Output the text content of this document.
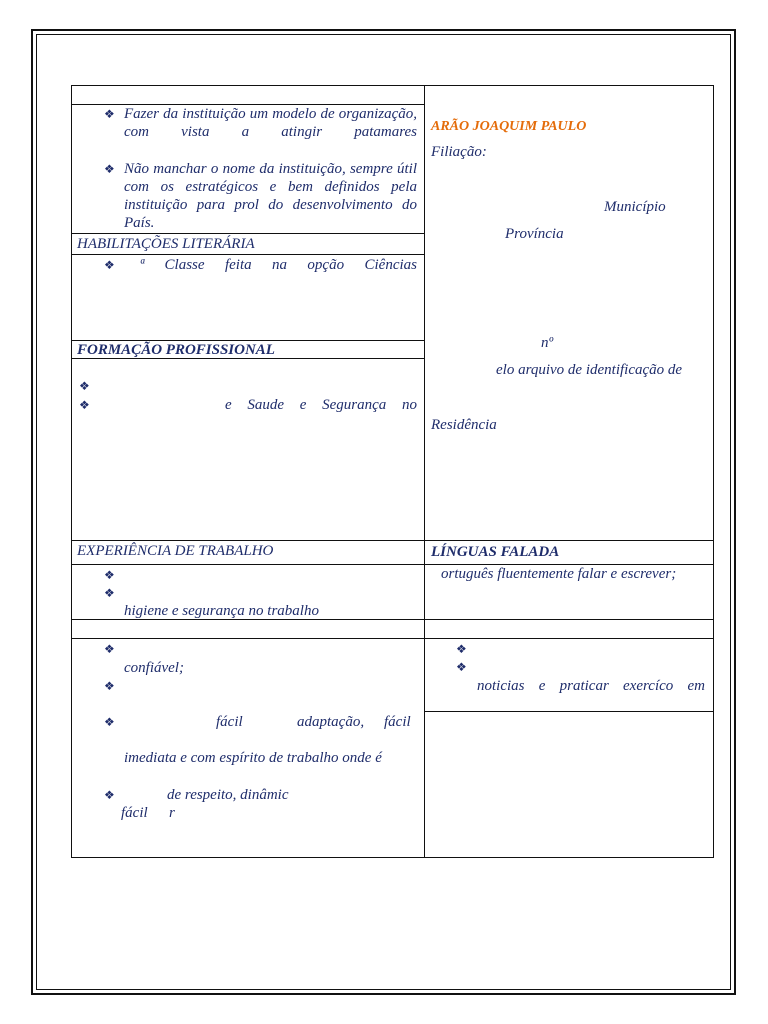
❖ Fazer da instituição um modelo de organização, com vista a atingir patamares
❖ Não manchar o nome da instituição, sempre útil com os estratégicos e bem definidos pela instituição para prol do desenvolvimento do País.
HABILITAÇÕES LITERÁRIA
❖ ª Classe feita na opção Ciências
FORMAÇÃO PROFISSIONAL
❖
❖	e Saude e Segurança no
EXPERIÊNCIA DE TRABALHO
❖
❖
higiene e segurança no trabalho
❖
confiável;
❖
❖	fácil	adaptação, fácil
imediata e com espírito de trabalho onde é
❖	de respeito, dinâmic
fácil r
ARÃO JOAQUIM PAULO
Filiação:
Município
Província
nº
elo arquivo de identificação de
Residência
LÍNGUAS FALADA
ortuguês fluentemente falar e escrever;
❖
❖
noticias e praticar exercíco em
